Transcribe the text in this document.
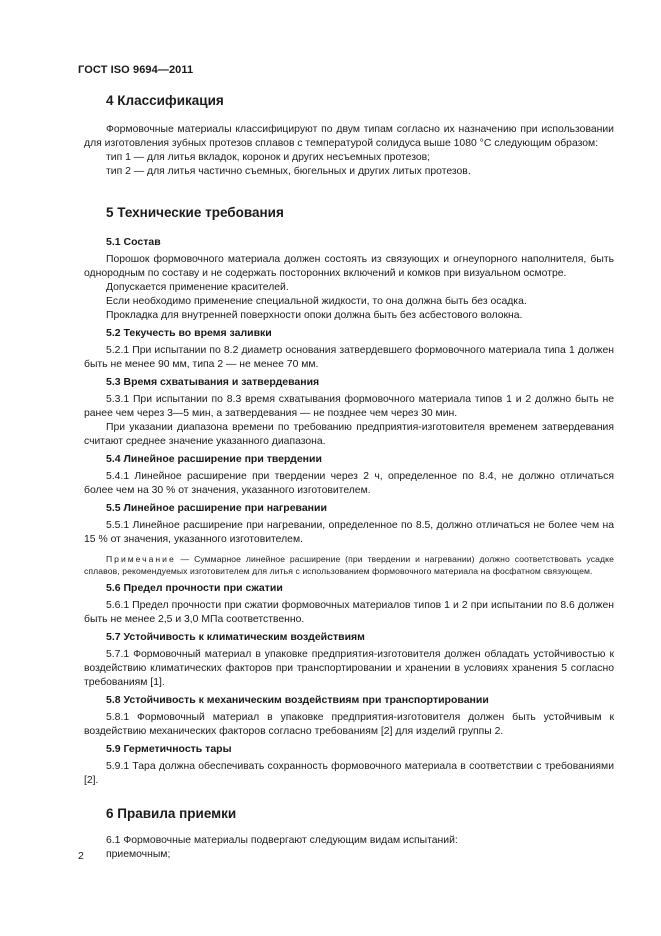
ГОСТ ISO 9694—2011
4 Классификация

Формовочные материалы классифицируют по двум типам согласно их назначению при использовании для изготовления зубных протезов сплавов с температурой солидуса выше 1080 °С следующим образом:

тип 1 — для литья вкладок, коронок и других несъемных протезов;

тип 2 — для литья частично съемных, бюгельных и других литых протезов.

5 Технические требования
5.1 Состав

Порошок формовочного материала должен состоять из связующих и огнеупорного наполнителя, быть однородным по составу и не содержать посторонних включений и комков при визуальном осмотре.

Допускается применение красителей.

Если необходимо применение специальной жидкости, то она должна быть без осадка.

Прокладка для внутренней поверхности опоки должна быть без асбестового волокна.

5.2 Текучесть во время заливки

5.2.1 При испытании по 8.2 диаметр основания затвердевшего формовочного материала типа 1 должен быть не менее 90 мм, типа 2 — не менее 70 мм.

5.3 Время схватывания и затвердевания

5.3.1 При испытании по 8.3 время схватывания формовочного материала типов 1 и 2 должно быть не ранее чем через 3—5 мин, а затвердевания — не позднее чем через 30 мин.

При указании диапазона времени по требованию предприятия-изготовителя временем затвердевания считают среднее значение указанного диапазона.

5.4 Линейное расширение при твердении

5.4.1 Линейное расширение при твердении через 2 ч, определенное по 8.4, не должно отличаться более чем на 30 % от значения, указанного изготовителем.

5.5 Линейное расширение при нагревании

5.5.1 Линейное расширение при нагревании, определенное по 8.5, должно отличаться не более чем на 15 % от значения, указанного изготовителем.

Примечание — Суммарное линейное расширение (при твердении и нагревании) должно соответствовать усадке сплавов, рекомендуемых изготовителем для литья с использованием формовочного материала на фосфатном связующем.

5.6 Предел прочности при сжатии

5.6.1 Предел прочности при сжатии формовочных материалов типов 1 и 2 при испытании по 8.6 должен быть не менее 2,5 и 3,0 МПа соответственно.

5.7 Устойчивость к климатическим воздействиям

5.7.1 Формовочный материал в упаковке предприятия-изготовителя должен обладать устойчивостью к воздействию климатических факторов при транспортировании и хранении в условиях хранения 5 согласно требованиям [1].

5.8 Устойчивость к механическим воздействиям при транспортировании

5.8.1 Формовочный материал в упаковке предприятия-изготовителя должен быть устойчивым к воздействию механических факторов согласно требованиям [2] для изделий группы 2.

5.9 Герметичность тары

5.9.1 Тара должна обеспечивать сохранность формовочного материала в соответствии с требованиями [2].

6 Правила приемки

6.1 Формовочные материалы подвергают следующим видам испытаний:

приемочным;

2
